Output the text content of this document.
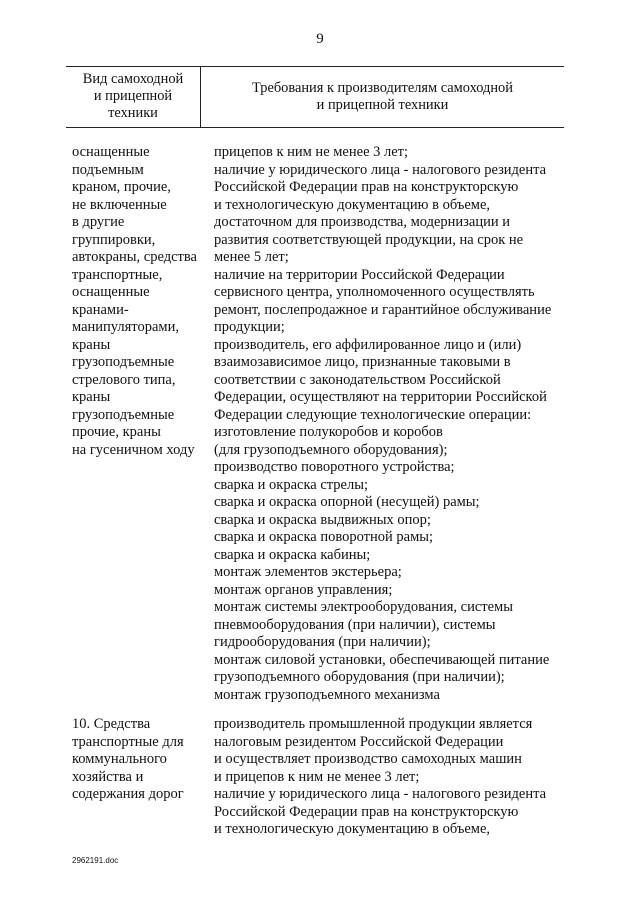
9
Вид самоходной
и прицепной
техники
Требования к производителям самоходной
и прицепной техники
оснащенные
подъемным
краном, прочие,
не включенные
в другие
группировки,
автокраны, средства
транспортные,
оснащенные
кранами-
манипуляторами,
краны
грузоподъемные
стрелового типа,
краны
грузоподъемные
прочие, краны
на гусеничном ходу
прицепов к ним не менее 3 лет;
наличие у юридического лица - налогового резидента
Российской Федерации прав на конструкторскую
и технологическую документацию в объеме,
достаточном для производства, модернизации и
развития соответствующей продукции, на срок не
менее 5 лет;
наличие на территории Российской Федерации
сервисного центра, уполномоченного осуществлять
ремонт, послепродажное и гарантийное обслуживание
продукции;
производитель, его аффилированное лицо и (или)
взаимозависимое лицо, признанные таковыми в
соответствии с законодательством Российской
Федерации, осуществляют на территории Российской
Федерации следующие технологические операции:
изготовление полукоробов и коробов
(для грузоподъемного оборудования);
производство поворотного устройства;
сварка и окраска стрелы;
сварка и окраска опорной (несущей) рамы;
сварка и окраска выдвижных опор;
сварка и окраска поворотной рамы;
сварка и окраска кабины;
монтаж элементов экстерьера;
монтаж органов управления;
монтаж системы электрооборудования, системы
пневмооборудования (при наличии), системы
гидрооборудования (при наличии);
монтаж силовой установки, обеспечивающей питание
грузоподъемного оборудования (при наличии);
монтаж грузоподъемного механизма
10. Средства
транспортные для
коммунального
хозяйства и
содержания дорог
производитель промышленной продукции является
налоговым резидентом Российской Федерации
и осуществляет производство самоходных машин
и прицепов к ним не менее 3 лет;
наличие у юридического лица - налогового резидента
Российской Федерации прав на конструкторскую
и технологическую документацию в объеме,
2962191.doc
